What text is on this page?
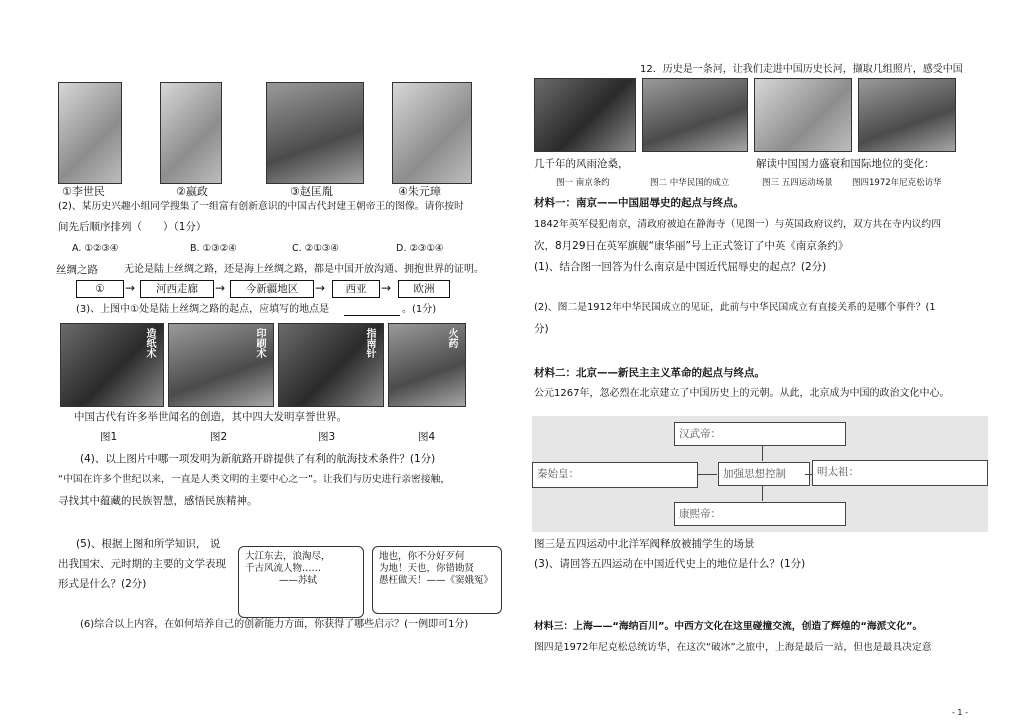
①李世民	②嬴政	③赵匡胤	④朱元璋
(2)、某历史兴趣小组同学搜集了一组富有创新意识的中国古代封建王朝帝王的图像。请你按时
间先后顺序排列（　　）（1分）
A. ①②③④	B. ①③②④	C. ②①③④	D. ②③①④
丝绸之路	无论是陆上丝绸之路，还是海上丝绸之路，都是中国开放沟通、拥抱世界的证明。
①	→	河西走廊	→	今新疆地区	→	西亚	→	欧洲
(3)、上图中①处是陆上丝绸之路的起点，应填写的地点是	。(1分)
造纸术	印刷术	指南针	火药
中国古代有许多举世闻名的创造，其中四大发明享誉世界。
图1	图2	图3	图4
(4)、以上图片中哪一项发明为新航路开辟提供了有利的航海技术条件？(1分)
“中国在许多个世纪以来，一直是人类文明的主要中心之一”。让我们与历史进行亲密接触，
寻找其中蕴藏的民族智慧，感悟民族精神。
(5)、根据上图和所学知识， 说
出我国宋、元时期的主要的文学表现
形式是什么？(2分)
大江东去，浪淘尽，
千古风流人物……
——苏轼
地也，你不分好歹何
为地！天也，你错勘贤
愚枉做天！——《窦娥冤》
(6)综合以上内容，在如何培养自己的创新能力方面，你获得了哪些启示？(一例即可1分)
12．历史是一条河，让我们走进中国历史长河，撷取几组照片，感受中国
几千年的风雨沧桑，	解读中国国力盛衰和国际地位的变化：
图一 南京条约	图二 中华民国的成立	图三 五四运动场景 图四1972年尼克松访华
材料一：南京——中国屈辱史的起点与终点。
1842年英军侵犯南京，清政府被迫在静海寺（见图一）与英国政府议约，双方共在寺内议约四
次，8月29日在英军旗舰“康华丽”号上正式签订了中英《南京条约》
(1)、结合图一回答为什么南京是中国近代屈辱史的起点？(2分)
(2)、图二是1912年中华民国成立的见证，此前与中华民国成立有直接关系的是哪个事件？(1
分)
材料二：北京——新民主主义革命的起点与终点。
公元1267年，忽必烈在北京建立了中国历史上的元朝。从此，北京成为中国的政治文化中心。
汉武帝：
秦始皇：	加强思想控制	明太祖：
康熙帝：
图三是五四运动中北洋军阀释放被捕学生的场景
(3)、请回答五四运动在中国近代史上的地位是什么？(1分)
材料三：上海——“海纳百川”。中西方文化在这里碰撞交流，创造了辉煌的“海派文化”。
图四是1972年尼克松总统访华，在这次“破冰”之旅中，上海是最后一站，但也是最具决定意
- 1 -
